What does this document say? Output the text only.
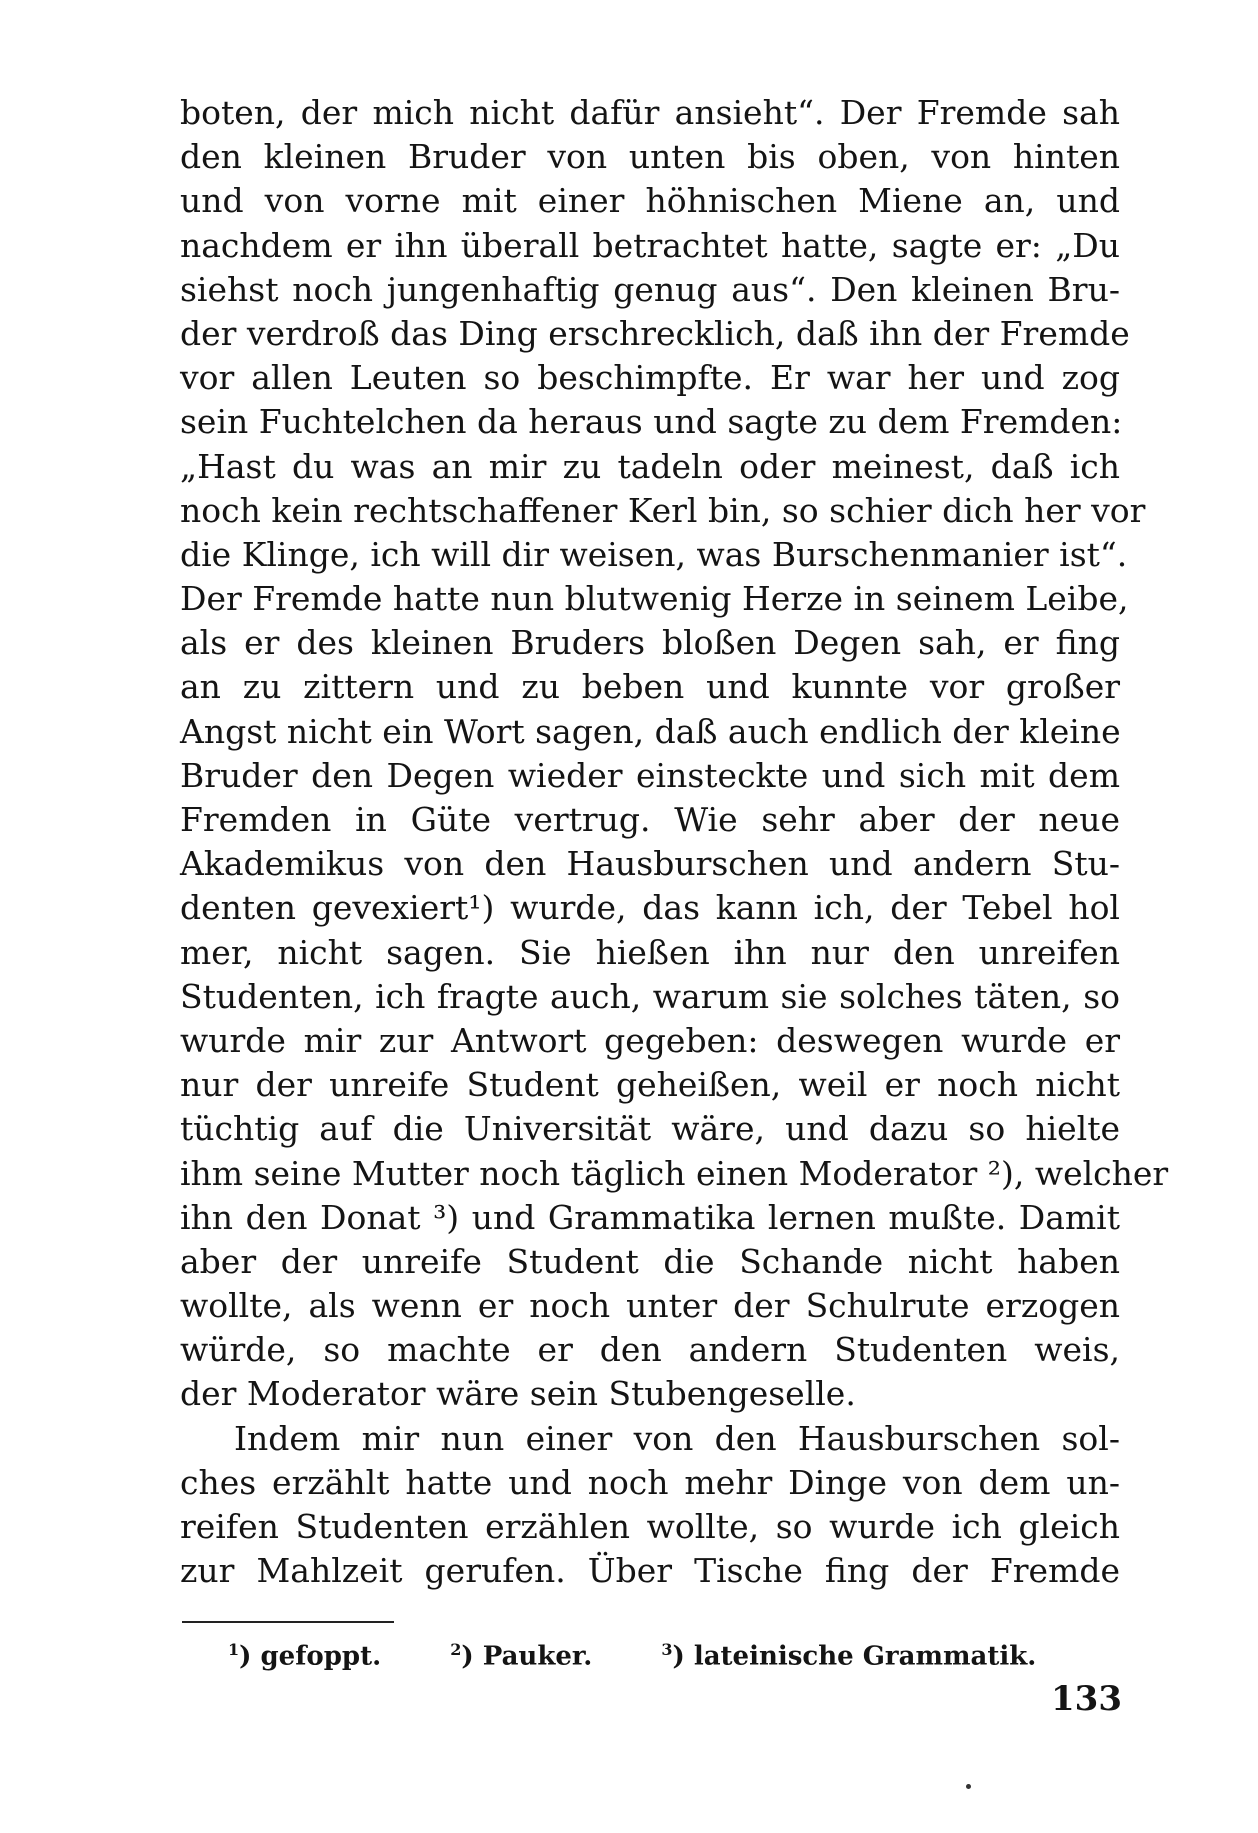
boten, der mich nicht dafür ansieht“. Der Fremde sah
den kleinen Bruder von unten bis oben, von hinten
und von vorne mit einer höhnischen Miene an, und
nachdem er ihn überall betrachtet hatte, sagte er: „Du
siehst noch jungenhaftig genug aus“. Den kleinen Bru-
der verdroß das Ding erschrecklich, daß ihn der Fremde
vor allen Leuten so beschimpfte. Er war her und zog
sein Fuchtelchen da heraus und sagte zu dem Fremden:
„Hast du was an mir zu tadeln oder meinest, daß ich
noch kein rechtschaffener Kerl bin, so schier dich her vor
die Klinge, ich will dir weisen, was Burschenmanier ist“.
Der Fremde hatte nun blutwenig Herze in seinem Leibe,
als er des kleinen Bruders bloßen Degen sah, er fing
an zu zittern und zu beben und kunnte vor großer
Angst nicht ein Wort sagen, daß auch endlich der kleine
Bruder den Degen wieder einsteckte und sich mit dem
Fremden in Güte vertrug. Wie sehr aber der neue
Akademikus von den Hausburschen und andern Stu-
denten gevexiert¹) wurde, das kann ich, der Tebel hol
mer, nicht sagen. Sie hießen ihn nur den unreifen
Studenten, ich fragte auch, warum sie solches täten, so
wurde mir zur Antwort gegeben: deswegen wurde er
nur der unreife Student geheißen, weil er noch nicht
tüchtig auf die Universität wäre, und dazu so hielte
ihm seine Mutter noch täglich einen Moderator ²), welcher
ihn den Donat ³) und Grammatika lernen mußte. Damit
aber der unreife Student die Schande nicht haben
wollte, als wenn er noch unter der Schulrute erzogen
würde, so machte er den andern Studenten weis,
der Moderator wäre sein Stubengeselle.
Indem mir nun einer von den Hausburschen sol-
ches erzählt hatte und noch mehr Dinge von dem un-
reifen Studenten erzählen wollte, so wurde ich gleich
zur Mahlzeit gerufen. Über Tische fing der Fremde
$^1$) gefoppt.	$^2$) Pauker.	$^3$) lateinische Grammatik.
133
